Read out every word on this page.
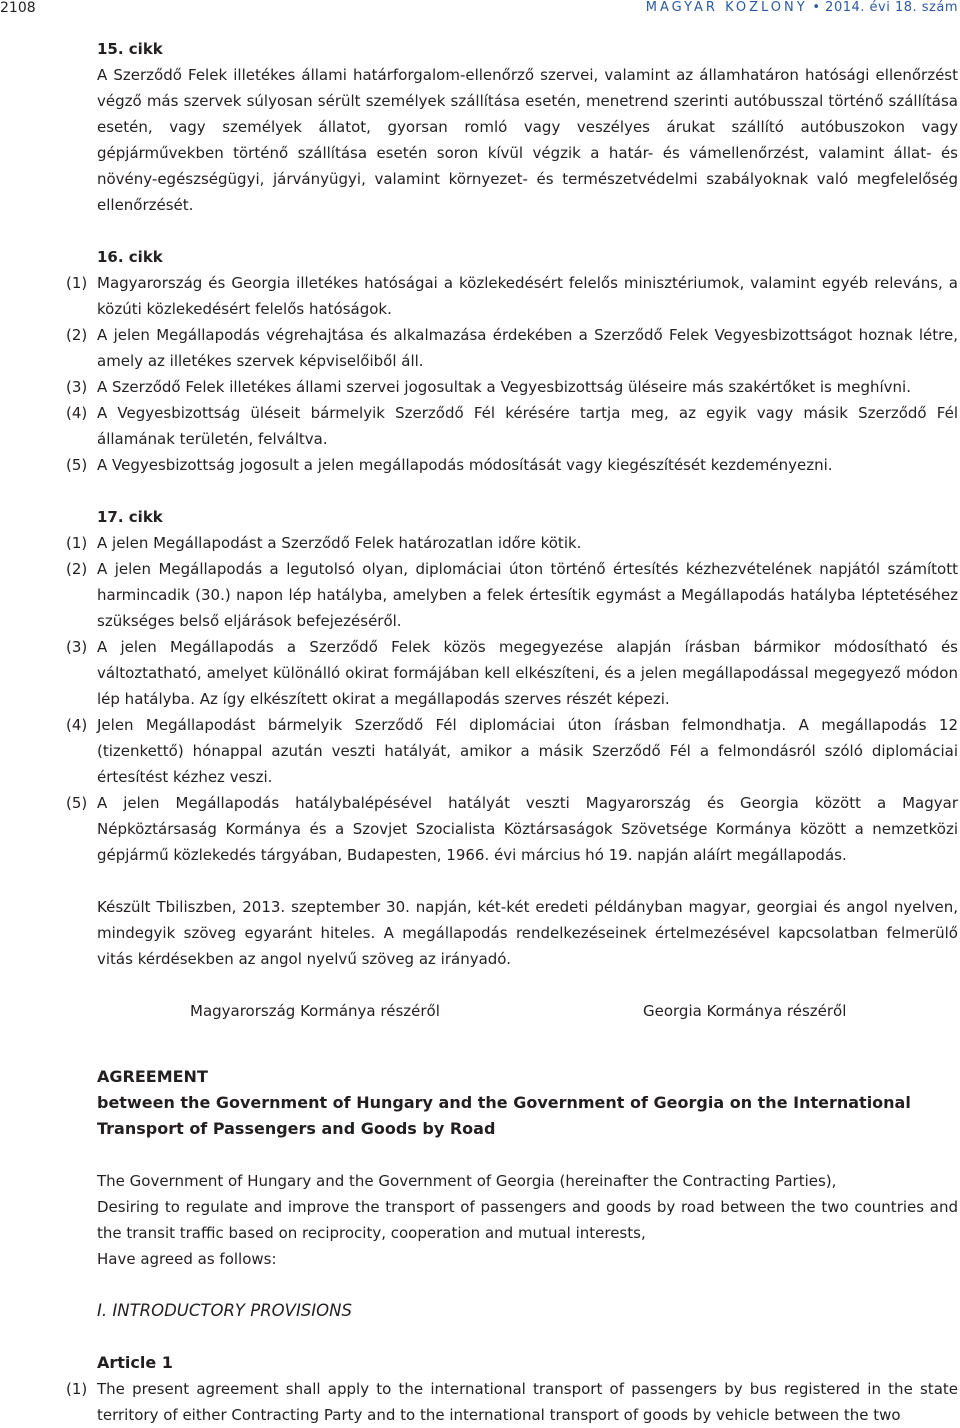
2108	MAGYAR KÖZLÖNY • 2014. évi 18. szám
15. cikk
A Szerződő Felek illetékes állami határforgalom-ellenőrző szervei, valamint az államhatáron hatósági ellenőrzést végző más szervek súlyosan sérült személyek szállítása esetén, menetrend szerinti autóbusszal történő szállítása esetén, vagy személyek állatot, gyorsan romló vagy veszélyes árukat szállító autóbuszokon vagy gépjárművekben történő szállítása esetén soron kívül végzik a határ- és vámellenőrzést, valamint állat- és növény-egészségügyi, járványügyi, valamint környezet- és természetvédelmi szabályoknak való megfelelőség ellenőrzését.
16. cikk
(1) Magyarország és Georgia illetékes hatóságai a közlekedésért felelős minisztériumok, valamint egyéb releváns, a közúti közlekedésért felelős hatóságok.
(2) A jelen Megállapodás végrehajtása és alkalmazása érdekében a Szerződő Felek Vegyesbizottságot hoznak létre, amely az illetékes szervek képviselőiből áll.
(3) A Szerződő Felek illetékes állami szervei jogosultak a Vegyesbizottság üléseire más szakértőket is meghívni.
(4) A Vegyesbizottság üléseit bármelyik Szerződő Fél kérésére tartja meg, az egyik vagy másik Szerződő Fél államának területén, felváltva.
(5) A Vegyesbizottság jogosult a jelen megállapodás módosítását vagy kiegészítését kezdeményezni.
17. cikk
(1) A jelen Megállapodást a Szerződő Felek határozatlan időre kötik.
(2) A jelen Megállapodás a legutolsó olyan, diplomáciai úton történő értesítés kézhezvételének napjától számított harmincadik (30.) napon lép hatályba, amelyben a felek értesítik egymást a Megállapodás hatályba léptetéséhez szükséges belső eljárások befejezéséről.
(3) A jelen Megállapodás a Szerződő Felek közös megegyezése alapján írásban bármikor módosítható és változtatható, amelyet különálló okirat formájában kell elkészíteni, és a jelen megállapodással megegyező módon lép hatályba. Az így elkészített okirat a megállapodás szerves részét képezi.
(4) Jelen Megállapodást bármelyik Szerződő Fél diplomáciai úton írásban felmondhatja. A megállapodás 12 (tizenkettő) hónappal azután veszti hatályát, amikor a másik Szerződő Fél a felmondásról szóló diplomáciai értesítést kézhez veszi.
(5) A jelen Megállapodás hatálybalépésével hatályát veszti Magyarország és Georgia között a Magyar Népköztársaság Kormánya és a Szovjet Szocialista Köztársaságok Szövetsége Kormánya között a nemzetközi gépjármű közlekedés tárgyában, Budapesten, 1966. évi március hó 19. napján aláírt megállapodás.
Készült Tbiliszben, 2013. szeptember 30. napján, két-két eredeti példányban magyar, georgiai és angol nyelven, mindegyik szöveg egyaránt hiteles. A megállapodás rendelkezéseinek értelmezésével kapcsolatban felmerülő vitás kérdésekben az angol nyelvű szöveg az irányadó.
Magyarország Kormánya részéről	Georgia Kormánya részéről
AGREEMENT
between the Government of Hungary and the Government of Georgia on the International Transport of Passengers and Goods by Road
The Government of Hungary and the Government of Georgia (hereinafter the Contracting Parties),
Desiring to regulate and improve the transport of passengers and goods by road between the two countries and the transit traffic based on reciprocity, cooperation and mutual interests,
Have agreed as follows:
I. INTRODUCTORY PROVISIONS
Article 1
(1) The present agreement shall apply to the international transport of passengers by bus registered in the state territory of either Contracting Party and to the international transport of goods by vehicle between the two
